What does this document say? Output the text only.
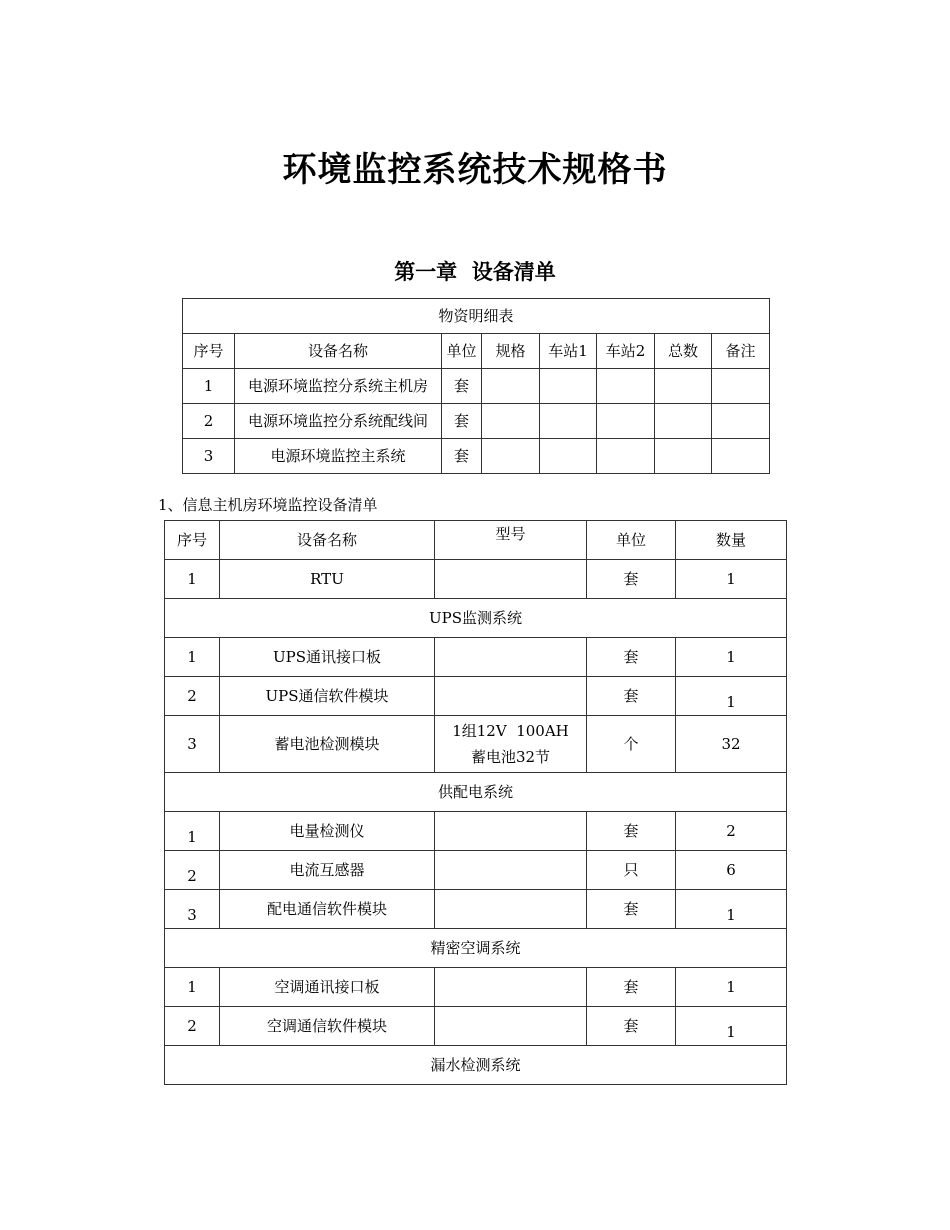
环境监控系统技术规格书
第一章  设备清单
物资明细表							
序号	设备名称	单位	规格	车站1	车站2	总数	备注
1	电源环境监控分系统主机房	套					
2	电源环境监控分系统配线间	套					
3	电源环境监控主系统	套					
1、信息主机房环境监控设备清单
序号	设备名称	型号	单位	数量
1	RTU		套	1
UPS监测系统				
1	UPS通讯接口板		套	1
2	UPS通信软件模块		套	1
3	蓄电池检测模块	1组12V  100AH蓄电池32节	个	32
供配电系统				
1	电量检测仪		套	2
2	电流互感器		只	6
3	配电通信软件模块		套	1
精密空调系统				
1	空调通讯接口板		套	1
2	空调通信软件模块		套	1
漏水检测系统				
